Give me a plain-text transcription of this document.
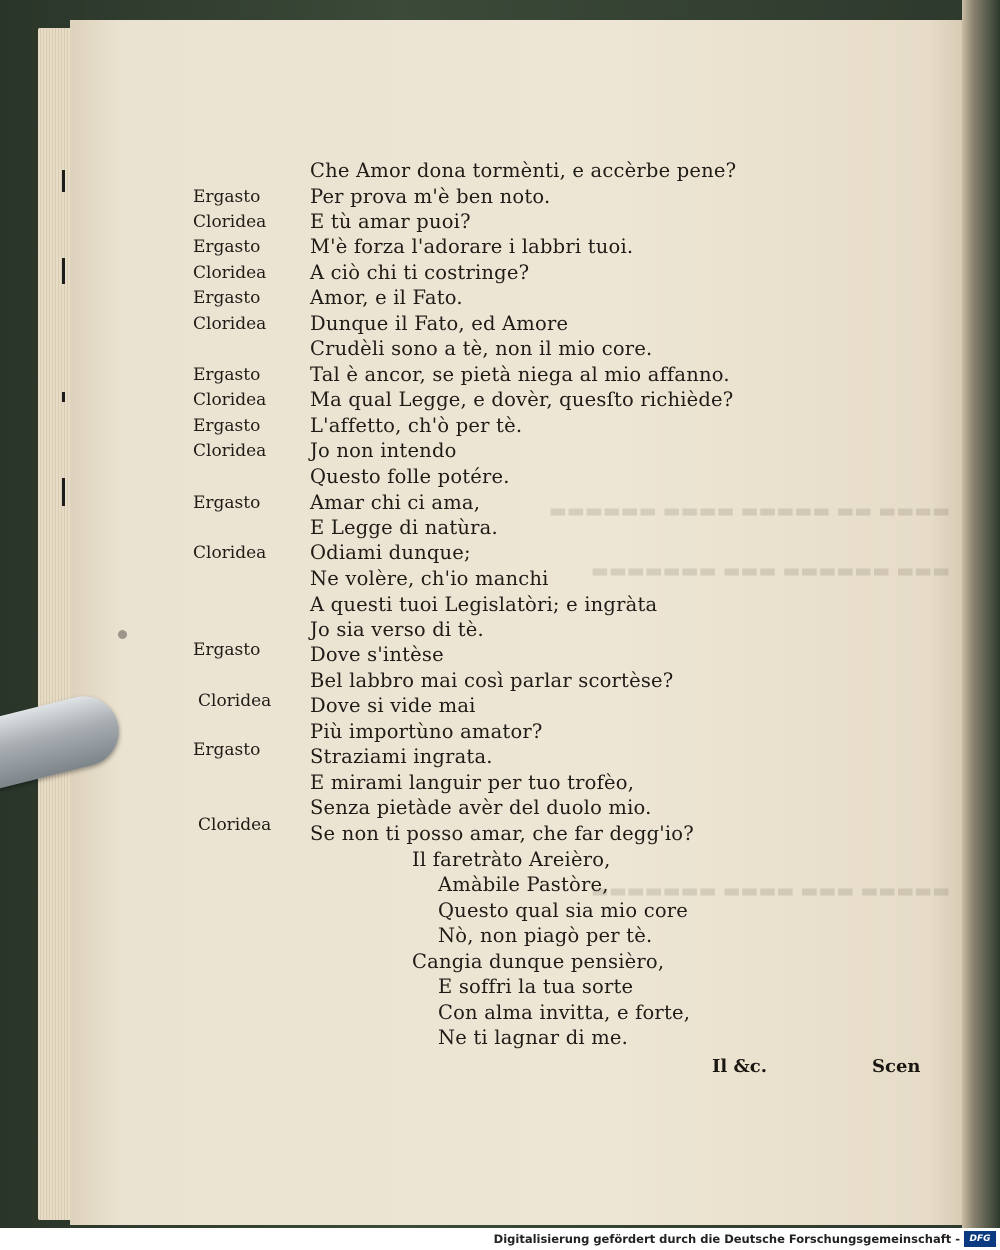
▬▬▬▬ ▬▬ ▬▬▬▬▬ ▬▬▬▬ ▬▬▬▬▬▬
▬▬▬ ▬▬▬▬▬▬ ▬▬▬ ▬▬▬▬▬▬▬
▬▬▬▬▬ ▬▬▬ ▬▬▬▬ ▬▬▬▬▬▬▬
Che Amor dona tormènti, e accèrbe pene?
Per prova m'è ben noto.
E tù amar puoi?
M'è forza l'adorare i labbri tuoi.
A ciò chi ti costringe?
Amor, e il Fato.
Dunque il Fato, ed Amore
Crudèli sono a tè, non il mio core.
Tal è ancor, se pietà niega al mio affanno.
Ma qual Legge, e dovèr, quesſto richiède?
L'affetto, ch'ò per tè.
Jo non intendo
Questo folle potére.
Amar chi ci ama,
E Legge di natùra.
Odiami dunque;
Ne volère, ch'io manchi
A questi tuoi Legislatòri; e ingràta
Jo sia verso di tè.
Dove s'intèse
Bel labbro mai così parlar scortèse?
Dove si vide mai
Più importùno amator?
Straziami ingrata.
E mirami languir per tuo trofèo,
Senza pietàde avèr del duolo mio.
Se non ti posso amar, che far degg'io?
Il faretràto Areièro,
Amàbile Pastòre,
Questo qual sia mio core
Nò, non piagò per tè.
Cangia dunque pensièro,
E soffri la tua sorte
Con alma invitta, e forte,
Ne ti lagnar di me.
Ergasto
Cloridea
Ergasto
Cloridea
Ergasto
Cloridea
Ergasto
Cloridea
Ergasto
Cloridea
Ergasto
Cloridea
Ergasto
Cloridea
Ergasto
Cloridea
Il &c.	Scen
Digitalisierung gefördert durch die Deutsche Forschungsgemeinschaft -	DFG
